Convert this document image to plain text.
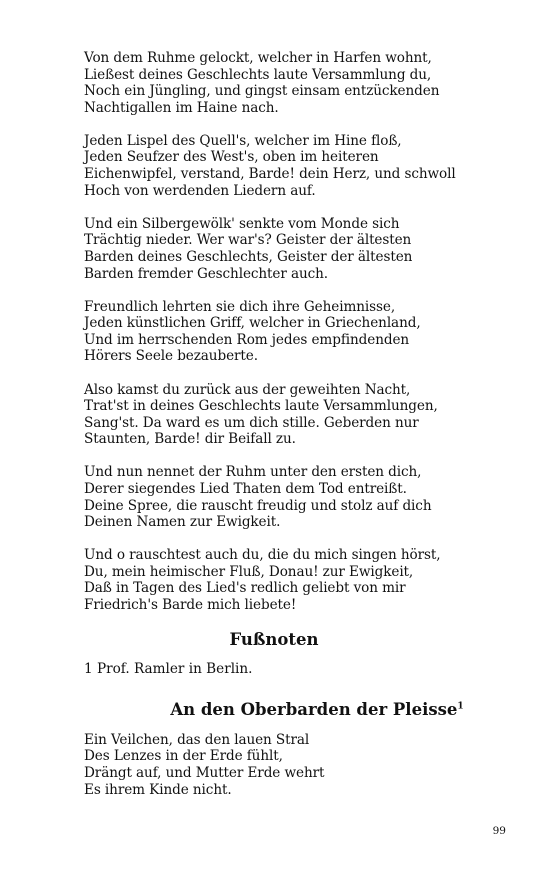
Von dem Ruhme gelockt, welcher in Harfen wohnt,
Ließest deines Geschlechts laute Versammlung du,
Noch ein Jüngling, und gingst einsam entzückenden
Nachtigallen im Haine nach.
Jeden Lispel des Quell's, welcher im Hine floß,
Jeden Seufzer des West's, oben im heiteren
Eichenwipfel, verstand, Barde! dein Herz, und schwoll
Hoch von werdenden Liedern auf.
Und ein Silbergewölk' senkte vom Monde sich
Trächtig nieder. Wer war's? Geister der ältesten
Barden deines Geschlechts, Geister der ältesten
Barden fremder Geschlechter auch.
Freundlich lehrten sie dich ihre Geheimnisse,
Jeden künstlichen Griff, welcher in Griechenland,
Und im herrschenden Rom jedes empfindenden
Hörers Seele bezauberte.
Also kamst du zurück aus der geweihten Nacht,
Trat'st in deines Geschlechts laute Versammlungen,
Sang'st. Da ward es um dich stille. Geberden nur
Staunten, Barde! dir Beifall zu.
Und nun nennet der Ruhm unter den ersten dich,
Derer siegendes Lied Thaten dem Tod entreißt.
Deine Spree, die rauscht freudig und stolz auf dich
Deinen Namen zur Ewigkeit.
Und o rauschtest auch du, die du mich singen hörst,
Du, mein heimischer Fluß, Donau! zur Ewigkeit,
Daß in Tagen des Lied's redlich geliebt von mir
Friedrich's Barde mich liebete!
Fußnoten
1 Prof. Ramler in Berlin.
An den Oberbarden der Pleisse$^1$
Ein Veilchen, das den lauen Stral
Des Lenzes in der Erde fühlt,
Drängt auf, und Mutter Erde wehrt
Es ihrem Kinde nicht.
99
